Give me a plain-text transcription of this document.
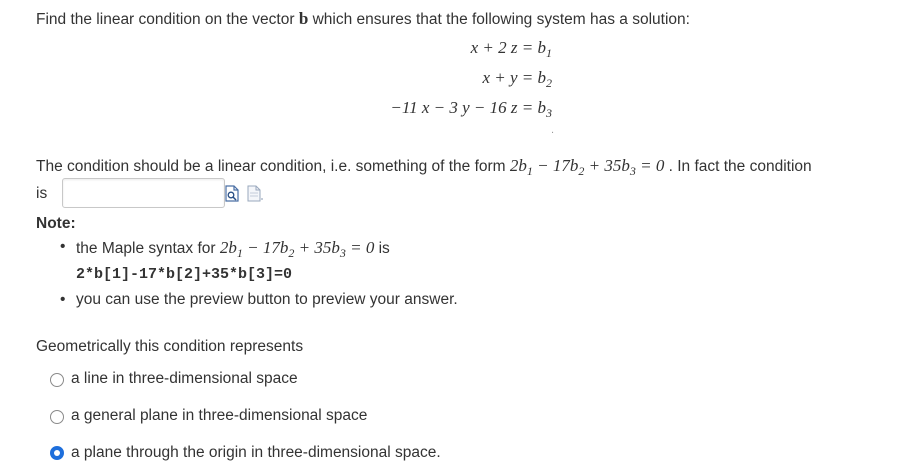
Find the linear condition on the vector b which ensures that the following system has a solution:
x + 2 $z = b_1$
$x + y = b_2$
−11 x − 3 y − 16 $z = b_3$
.
The condition should be a linear condition, i.e. something of the form $2b_1 - 17b_2 + 35b_3 = 0$ . In fact the condition
is
Note:
• the Maple syntax for $2b_1 - 17b_2 + 35b_3 = 0$ is
2*b[1]-17*b[2]+35*b[3]=0
• you can use the preview button to preview your answer.
Geometrically this condition represents
a line in three-dimensional space
a general plane in three-dimensional space
a plane through the origin in three-dimensional space.
